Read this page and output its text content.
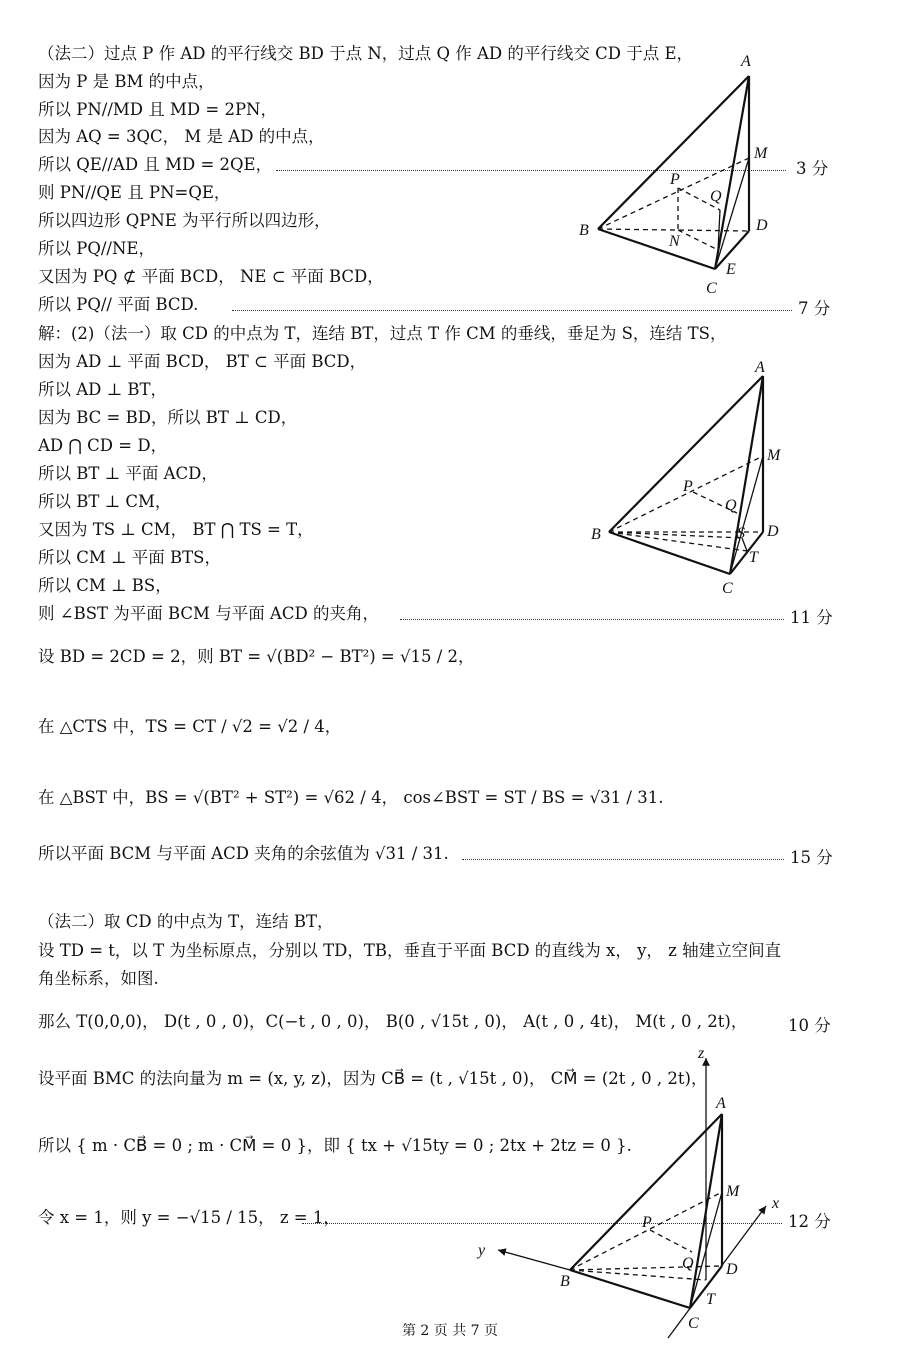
（法二）过点 P 作 AD 的平行线交 BD 于点 N，过点 Q 作 AD 的平行线交 CD 于点 E，
因为 P 是 BM 的中点，
所以 PN//MD 且 MD = 2PN，
因为 AQ = 3QC， M 是 AD 的中点，
所以 QE//AD 且 MD = 2QE，	3 分
则 PN//QE 且 PN=QE，
所以四边形 QPNE 为平行所以四边形，
所以 PQ//NE，
又因为 PQ ⊄ 平面 BCD， NE ⊂ 平面 BCD，
所以 PQ// 平面 BCD.	7 分
A
M
P
Q
B	D
N
E
C
解：(2)（法一）取 CD 的中点为 T，连结 BT，过点 T 作 CM 的垂线，垂足为 S，连结 TS，
因为 AD ⊥ 平面 BCD， BT ⊂ 平面 BCD，
所以 AD ⊥ BT，
因为 BC = BD，所以 BT ⊥ CD，
AD ⋂ CD = D，
所以 BT ⊥ 平面 ACD，
所以 BT ⊥ CM，
又因为 TS ⊥ CM， BT ⋂ TS = T，
所以 CM ⊥ 平面 BTS，
所以 CM ⊥ BS，
则 ∠BST 为平面 BCM 与平面 ACD 的夹角，	11 分
A
M
P
Q
B	S D
T
C
设 BD = 2CD = 2，则 BT = √(BD² − BT²) = √15 / 2，
在 △CTS 中，TS = CT / √2 = √2 / 4，
在 △BST 中，BS = √(BT² + ST²) = √62 / 4， cos∠BST = ST / BS = √31 / 31.
所以平面 BCM 与平面 ACD 夹角的余弦值为 √31 / 31.	15 分
（法二）取 CD 的中点为 T，连结 BT，
设 TD = t，以 T 为坐标原点，分别以 TD，TB，垂直于平面 BCD 的直线为 x， y， z 轴建立空间直
角坐标系，如图.
那么 T(0,0,0)， D(t , 0 , 0)，C(−t , 0 , 0)， B(0 , √15t , 0)， A(t , 0 , 4t)， M(t , 0 , 2t)， 10 分
设平面 BMC 的法向量为 m = (x, y, z)，因为 CB⃗ = (t , √15t , 0)， CM⃗ = (2t , 0 , 2t)，
所以 { m · CB⃗ = 0 ; m · CM⃗ = 0 }，即 { tx + √15ty = 0 ; 2tx + 2tz = 0 }.
令 x = 1，则 y = −√15 / 15， z = 1，	12 分
z
A
M
x
P
y
Q
B
D
T
C
第 2 页 共 7 页
